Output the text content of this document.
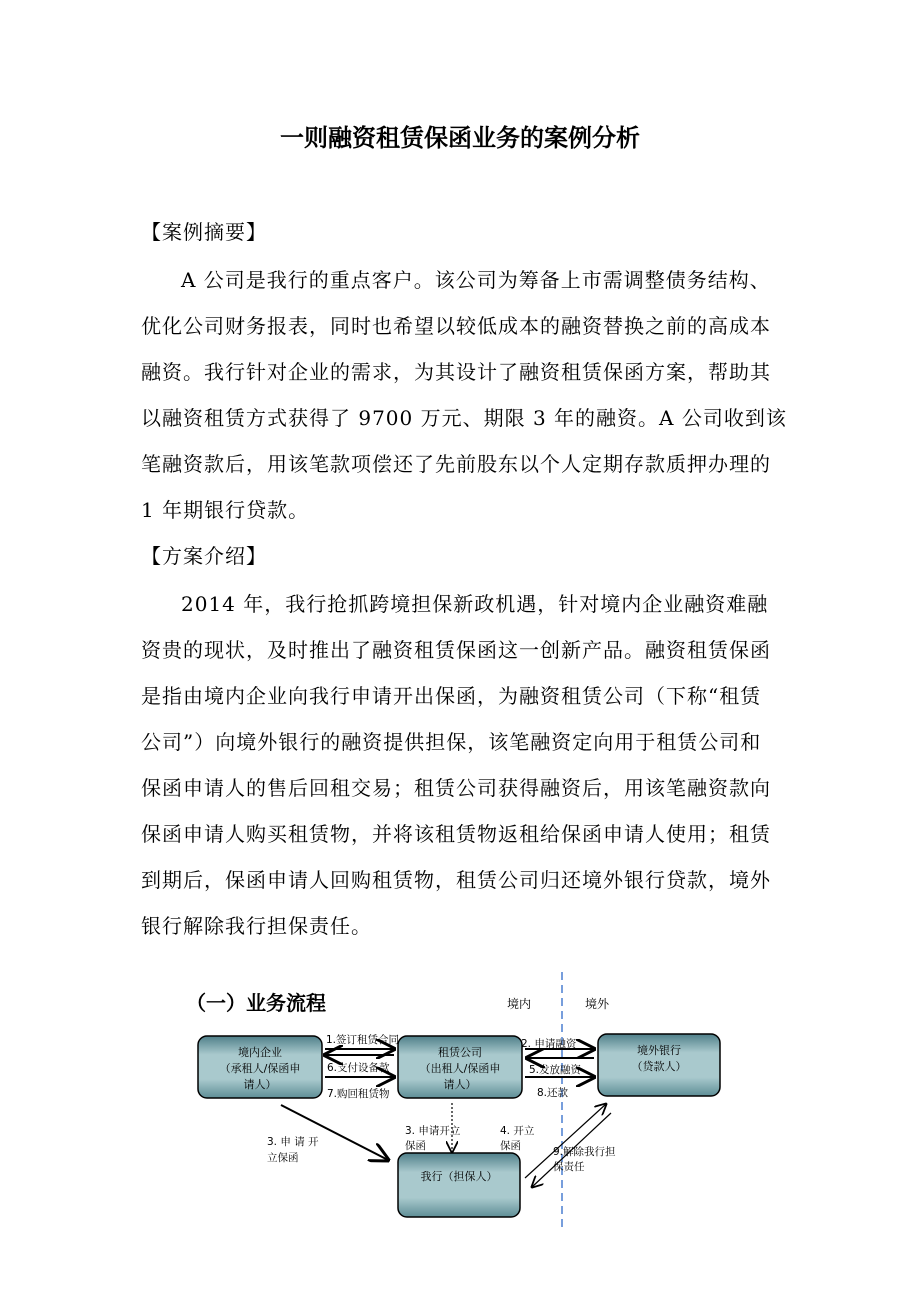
一则融资租赁保函业务的案例分析
【案例摘要】
A 公司是我行的重点客户。该公司为筹备上市需调整债务结构、
优化公司财务报表，同时也希望以较低成本的融资替换之前的高成本
融资。我行针对企业的需求，为其设计了融资租赁保函方案，帮助其
以融资租赁方式获得了 9700 万元、期限 3 年的融资。A 公司收到该
笔融资款后，用该笔款项偿还了先前股东以个人定期存款质押办理的
1 年期银行贷款。
【方案介绍】
2014 年，我行抢抓跨境担保新政机遇，针对境内企业融资难融
资贵的现状，及时推出了融资租赁保函这一创新产品。融资租赁保函
是指由境内企业向我行申请开出保函，为融资租赁公司（下称“租赁
公司”）向境外银行的融资提供担保，该笔融资定向用于租赁公司和
保函申请人的售后回租交易；租赁公司获得融资后，用该笔融资款向
保函申请人购买租赁物，并将该租赁物返租给保函申请人使用；租赁
到期后，保函申请人回购租赁物，租赁公司归还境外银行贷款，境外
银行解除我行担保责任。
（一）业务流程	境内	境外
境内企业
（承租人/保函申
请人）
租赁公司
（出租人/保函申
请人）
境外银行
（贷款人）
我行（担保人）
1.签订租赁合同
6.支付设备款
7.购回租赁物
2. 申请融资
5.发放融资
8.还款
3. 申 请 开
立保函
3. 申请开立
保函
4. 开立
保函	9.解除我行担
保责任
